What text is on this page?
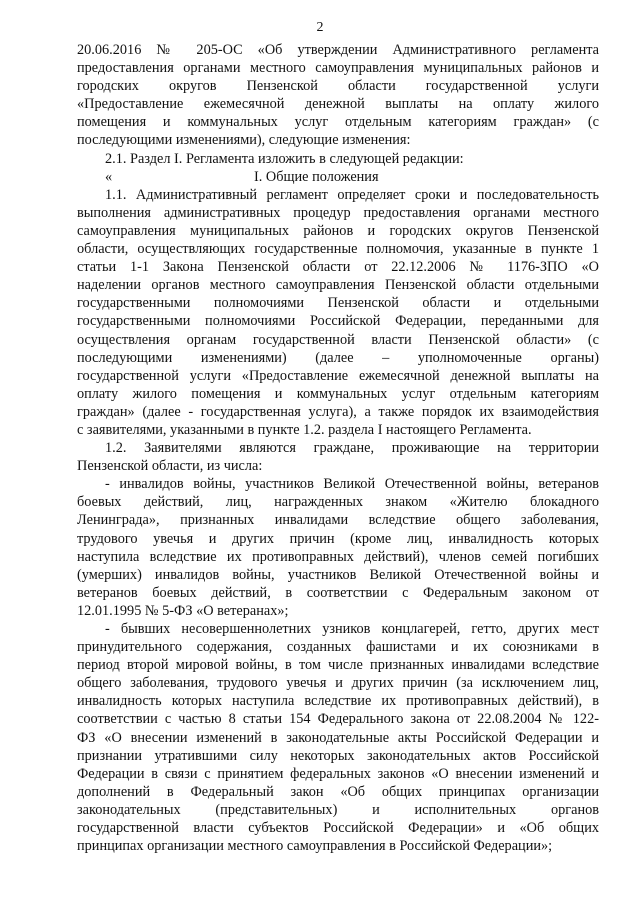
2
20.06.2016 № 205-ОС «Об утверждении Административного регламента
предоставления органами местного самоуправления муниципальных районов и
городских округов Пензенской области государственной услуги
«Предоставление ежемесячной денежной выплаты на оплату жилого
помещения и коммунальных услуг отдельным категориям граждан» (с
последующими изменениями), следующие изменения:
2.1. Раздел I. Регламента изложить в следующей редакции:
«	I. Общие положения
1.1. Административный регламент определяет сроки и последовательность
выполнения административных процедур предоставления органами местного
самоуправления муниципальных районов и городских округов Пензенской
области, осуществляющих государственные полномочия, указанные в пункте 1
статьи 1-1 Закона Пензенской области от 22.12.2006 № 1176-ЗПО «О
наделении органов местного самоуправления Пензенской области отдельными
государственными полномочиями Пензенской области и отдельными
государственными полномочиями Российской Федерации, переданными для
осуществления органам государственной власти Пензенской области» (с
последующими изменениями) (далее – уполномоченные органы)
государственной услуги «Предоставление ежемесячной денежной выплаты на
оплату жилого помещения и коммунальных услуг отдельным категориям
граждан» (далее - государственная услуга), а также порядок их взаимодействия
с заявителями, указанными в пункте 1.2. раздела I настоящего Регламента.
1.2. Заявителями являются граждане, проживающие на территории
Пензенской области, из числа:
- инвалидов войны, участников Великой Отечественной войны, ветеранов
боевых действий, лиц, награжденных знаком «Жителю блокадного
Ленинграда», признанных инвалидами вследствие общего заболевания,
трудового увечья и других причин (кроме лиц, инвалидность которых
наступила вследствие их противоправных действий), членов семей погибших
(умерших) инвалидов войны, участников Великой Отечественной войны и
ветеранов боевых действий, в соответствии с Федеральным законом от
12.01.1995 № 5-ФЗ «О ветеранах»;
- бывших несовершеннолетних узников концлагерей, гетто, других мест
принудительного содержания, созданных фашистами и их союзниками в
период второй мировой войны, в том числе признанных инвалидами вследствие
общего заболевания, трудового увечья и других причин (за исключением лиц,
инвалидность которых наступила вследствие их противоправных действий), в
соответствии с частью 8 статьи 154 Федерального закона от 22.08.2004 № 122-
ФЗ «О внесении изменений в законодательные акты Российской Федерации и
признании утратившими силу некоторых законодательных актов Российской
Федерации в связи с принятием федеральных законов «О внесении изменений и
дополнений в Федеральный закон «Об общих принципах организации
законодательных (представительных) и исполнительных органов
государственной власти субъектов Российской Федерации» и «Об общих
принципах организации местного самоуправления в Российской Федерации»;
